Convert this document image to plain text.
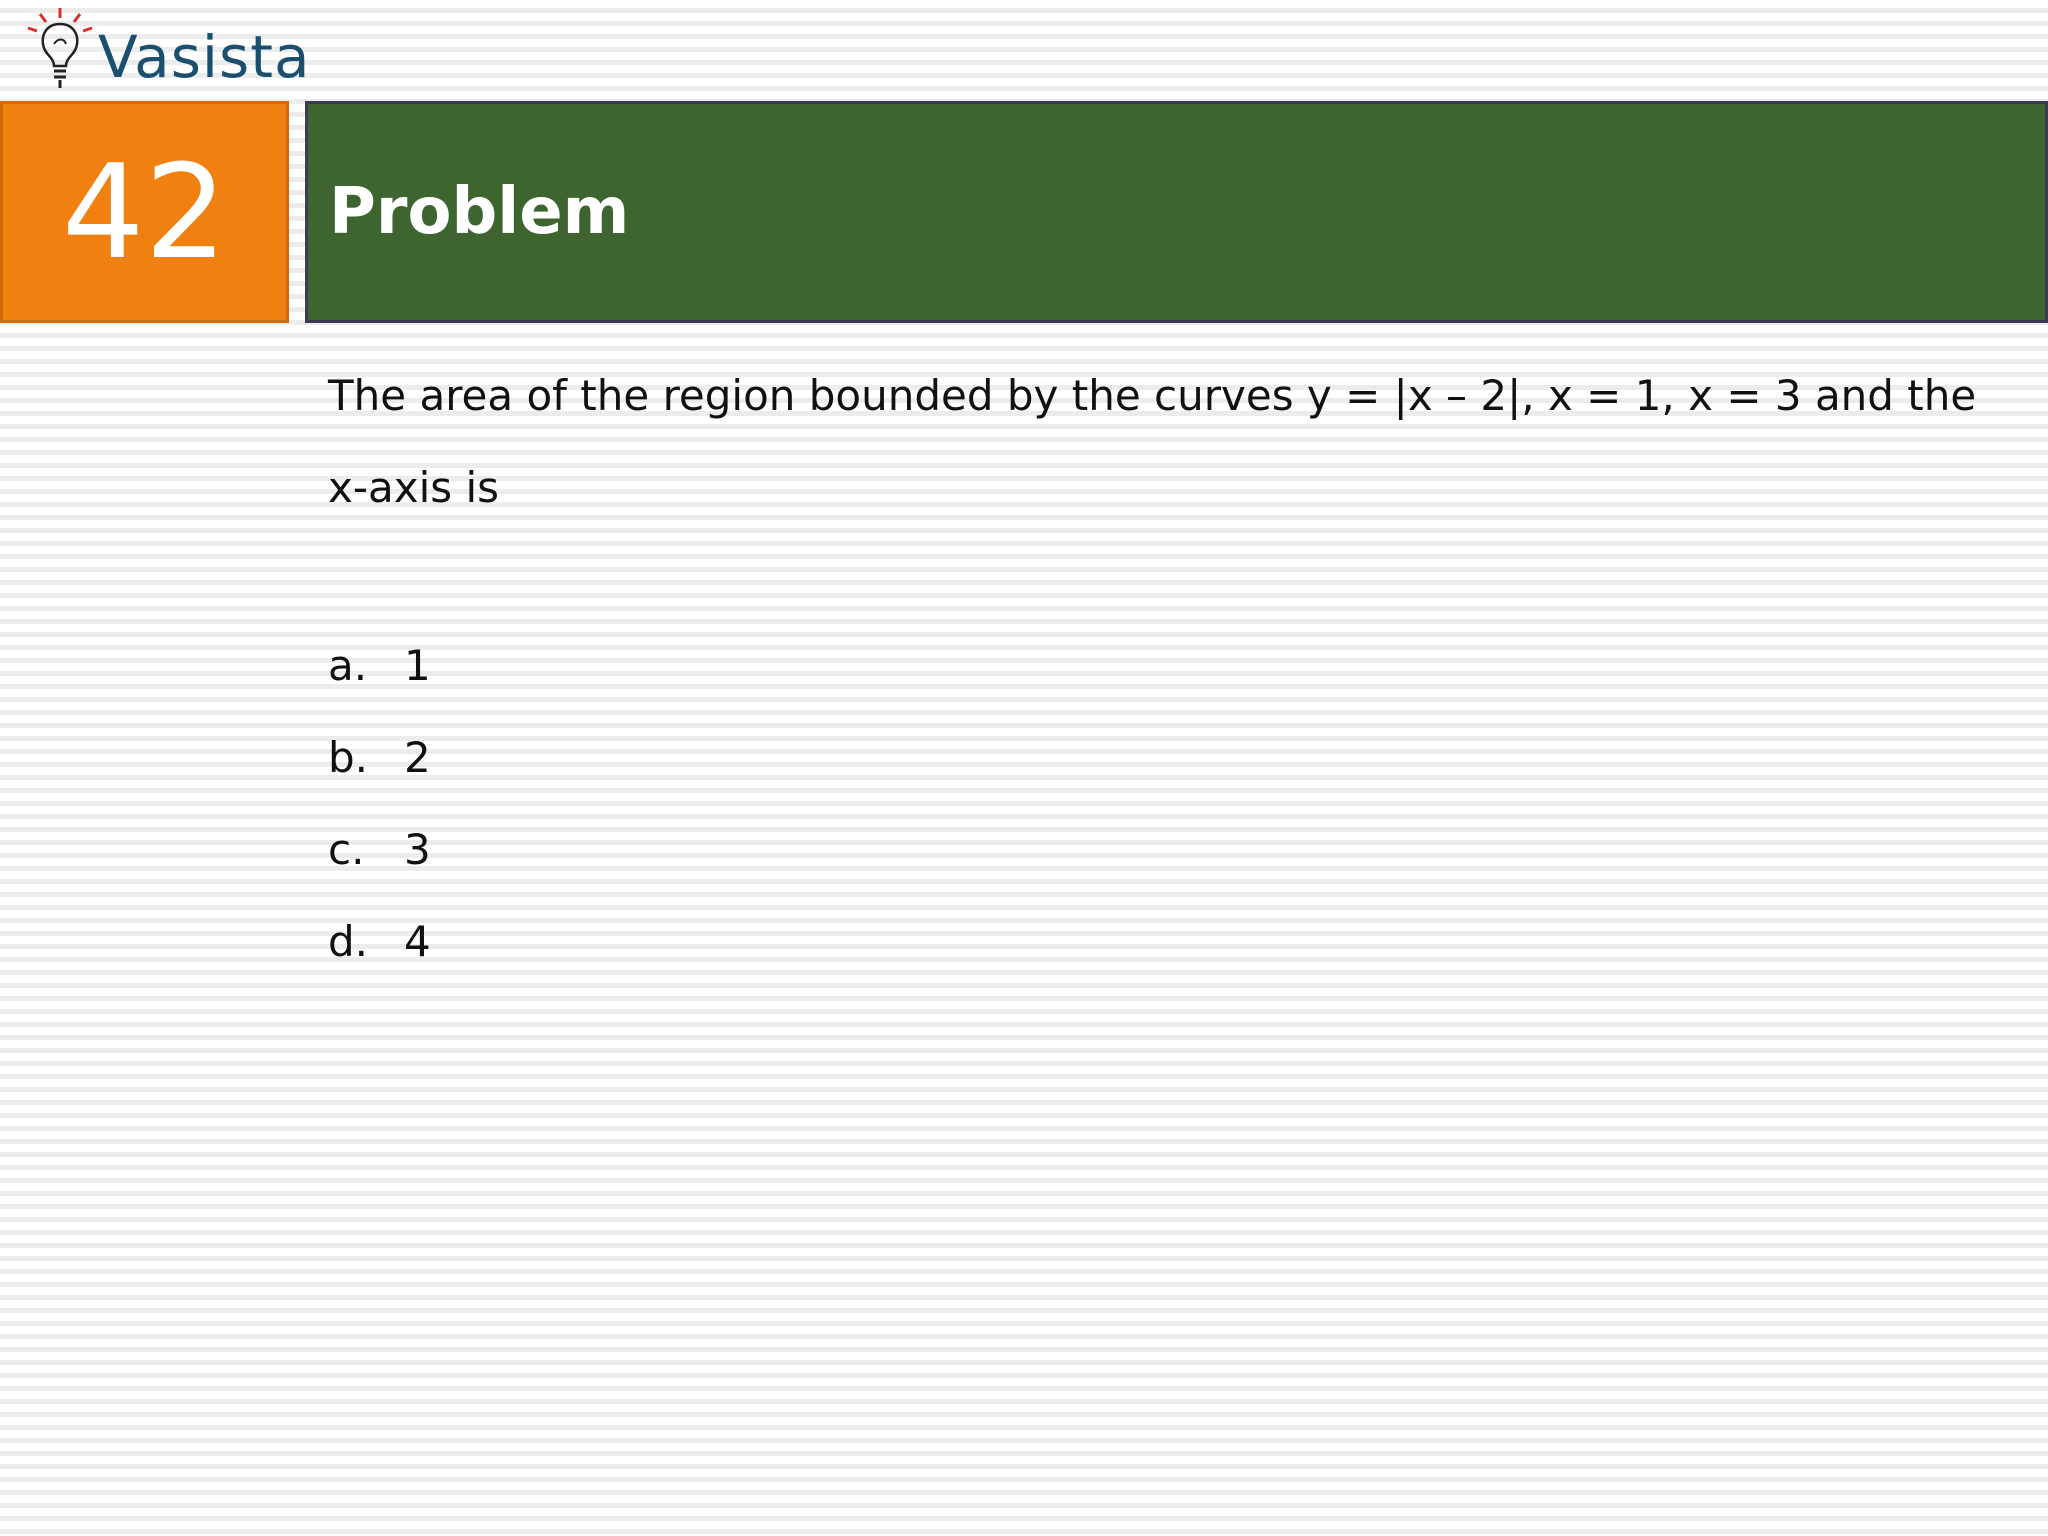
Vasista
42 Problem

The area of the region bounded by the curves y = |x – 2|, x = 1, x = 3 and the x-axis is

a. 1
b. 2
c. 3
d. 4
